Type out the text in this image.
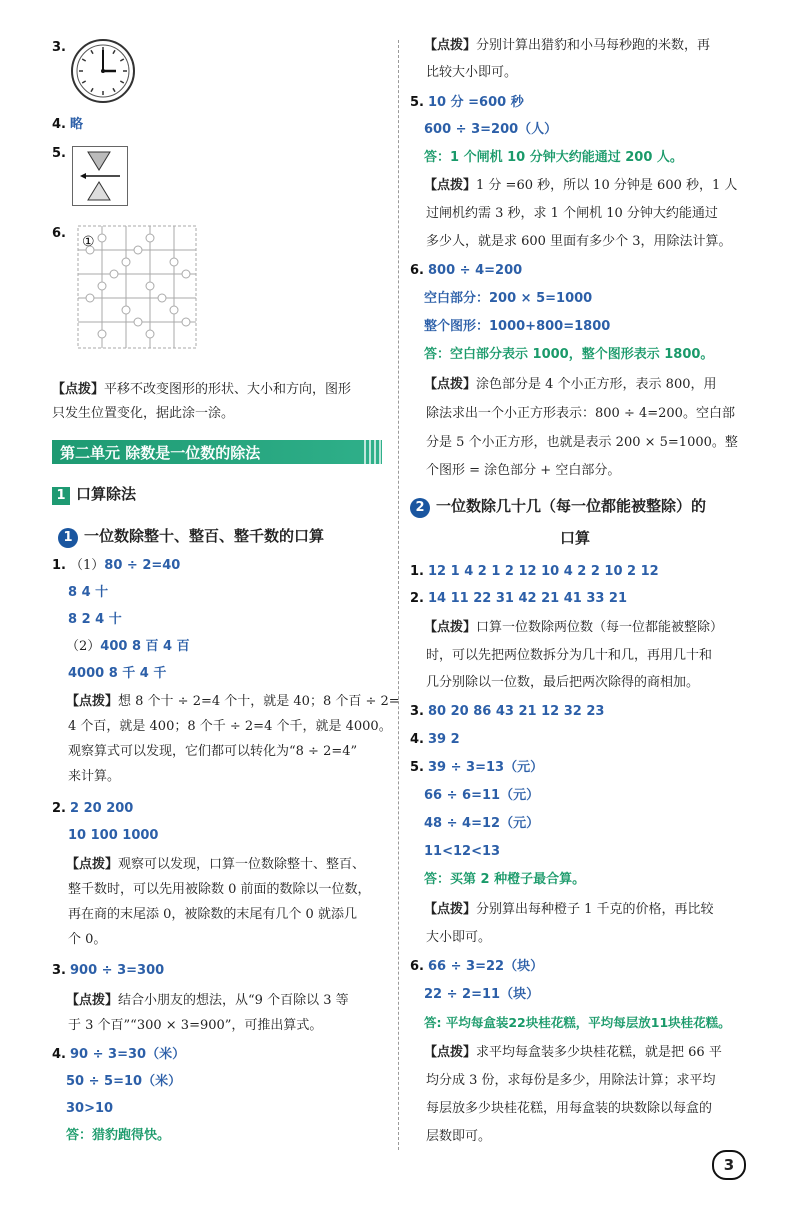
3.
4. 略
5.
6.
①
【点拨】平移不改变图形的形状、大小和方向，图形
只发生位置变化，据此涂一涂。
第二单元 除数是一位数的除法
1 口算除法
1 一位数除整十、整百、整千数的口算
1. （1）80 ÷ 2=40
8 4 十
8 2 4 十
（2）400 8 百 4 百
4000 8 千 4 千
【点拨】想 8 个十 ÷ 2=4 个十，就是 40；8 个百 ÷ 2=
4 个百，就是 400；8 个千 ÷ 2=4 个千，就是 4000。
观察算式可以发现，它们都可以转化为“8 ÷ 2=4”
来计算。
2. 2 20 200
10 100 1000
【点拨】观察可以发现，口算一位数除整十、整百、
整千数时，可以先用被除数 0 前面的数除以一位数，
再在商的末尾添 0，被除数的末尾有几个 0 就添几
个 0。
3. 900 ÷ 3=300
【点拨】结合小朋友的想法，从“9 个百除以 3 等
于 3 个百”“300 × 3=900”，可推出算式。
4. 90 ÷ 3=30（米）
50 ÷ 5=10（米）
30>10
答：猎豹跑得快。
【点拨】分别计算出猎豹和小马每秒跑的米数，再
比较大小即可。
5. 10 分 =600 秒
600 ÷ 3=200（人）
答：1 个闸机 10 分钟大约能通过 200 人。
【点拨】1 分 =60 秒，所以 10 分钟是 600 秒，1 人
过闸机约需 3 秒，求 1 个闸机 10 分钟大约能通过
多少人，就是求 600 里面有多少个 3，用除法计算。
6. 800 ÷ 4=200
空白部分：200 × 5=1000
整个图形：1000+800=1800
答：空白部分表示 1000，整个图形表示 1800。
【点拨】涂色部分是 4 个小正方形，表示 800，用
除法求出一个小正方形表示：800 ÷ 4=200。空白部
分是 5 个小正方形，也就是表示 200 × 5=1000。整
个图形 = 涂色部分 + 空白部分。
2 一位数除几十几（每一位都能被整除）的
口算
1. 12 1 4 2 1 2 12 10 4 2 2 10 2 12
2. 14 11 22 31 42 21 41 33 21
【点拨】口算一位数除两位数（每一位都能被整除）
时，可以先把两位数拆分为几十和几，再用几十和
几分别除以一位数，最后把两次除得的商相加。
3. 80 20 86 43 21 12 32 23
4. 39 2
5. 39 ÷ 3=13（元）
66 ÷ 6=11（元）
48 ÷ 4=12（元）
11<12<13
答：买第 2 种橙子最合算。
【点拨】分别算出每种橙子 1 千克的价格，再比较
大小即可。
6. 66 ÷ 3=22（块）
22 ÷ 2=11（块）
答: 平均每盒装22块桂花糕，平均每层放11块桂花糕。
【点拨】求平均每盒装多少块桂花糕，就是把 66 平
均分成 3 份，求每份是多少，用除法计算；求平均
每层放多少块桂花糕，用每盒装的块数除以每盒的
层数即可。
3
